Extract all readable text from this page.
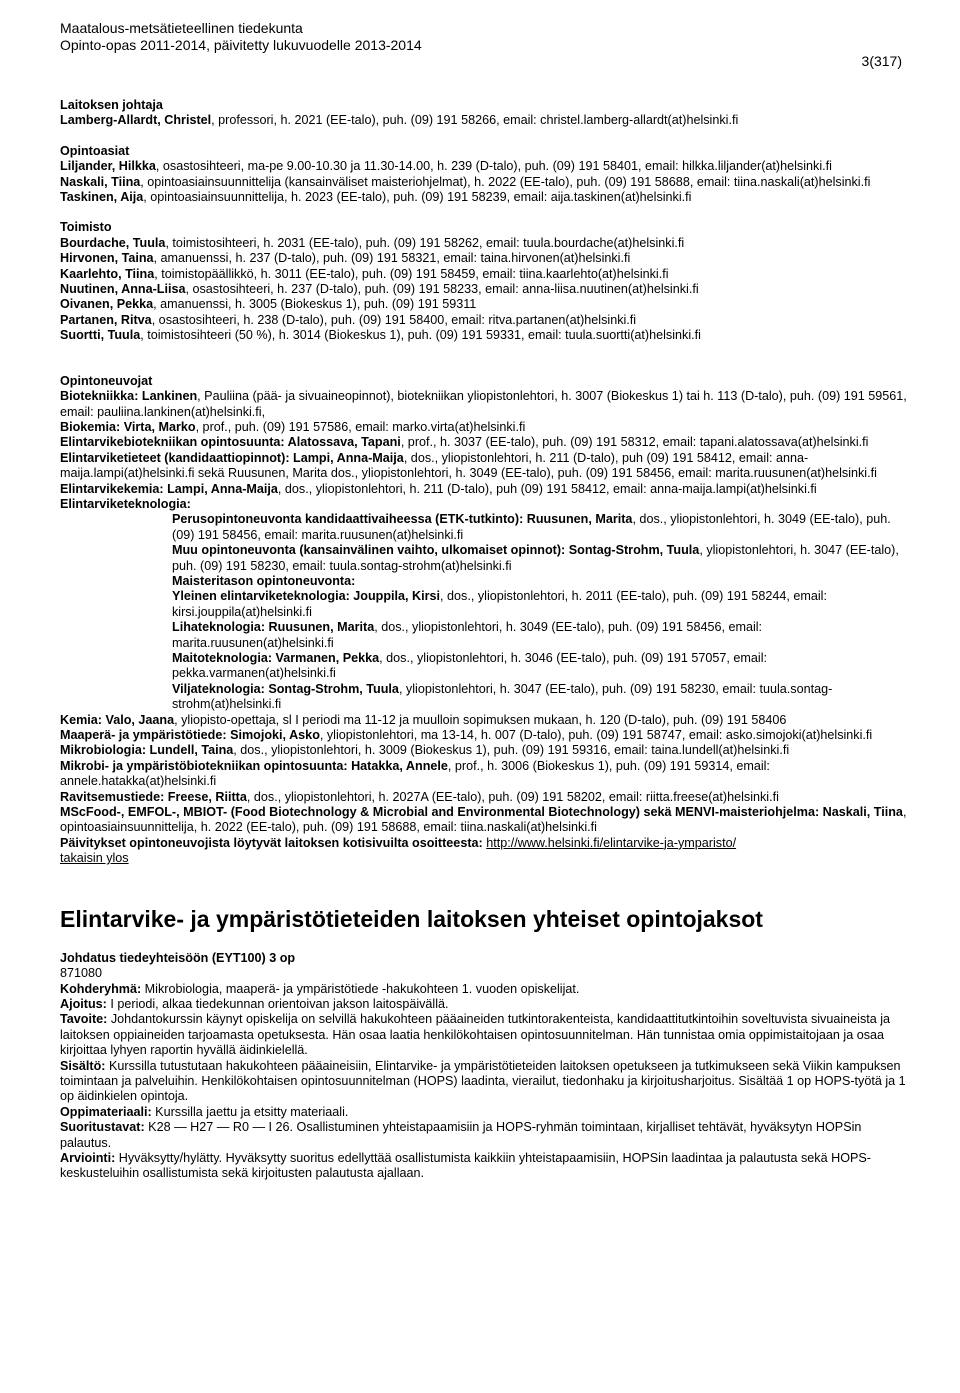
Maatalous-metsätieteellinen tiedekunta
Opinto-opas 2011-2014, päivitetty lukuvuodelle 2013-2014
3(317)

Laitoksen johtaja

Lamberg-Allardt, Christel, professori, h. 2021 (EE-talo), puh. (09) 191 58266, email: christel.lamberg-allardt(at)helsinki.fi

Opintoasiat

Liljander, Hilkka, osastosihteeri, ma-pe 9.00-10.30 ja 11.30-14.00, h. 239 (D-talo), puh. (09) 191 58401, email: hilkka.liljander(at)helsinki.fi

Naskali, Tiina, opintoasiainsuunnittelija (kansainväliset maisteriohjelmat), h. 2022 (EE-talo), puh. (09) 191 58688, email: tiina.naskali(at)helsinki.fi

Taskinen, Aija, opintoasiainsuunnittelija, h. 2023 (EE-talo), puh. (09) 191 58239, email: aija.taskinen(at)helsinki.fi

Toimisto

Bourdache, Tuula, toimistosihteeri, h. 2031 (EE-talo), puh. (09) 191 58262, email: tuula.bourdache(at)helsinki.fi

Hirvonen, Taina, amanuenssi, h. 237 (D-talo), puh. (09) 191 58321, email: taina.hirvonen(at)helsinki.fi

Kaarlehto, Tiina, toimistopäällikkö, h. 3011 (EE-talo), puh. (09) 191 58459, email: tiina.kaarlehto(at)helsinki.fi

Nuutinen, Anna-Liisa, osastosihteeri, h. 237 (D-talo), puh. (09) 191 58233, email: anna-liisa.nuutinen(at)helsinki.fi

Oivanen, Pekka, amanuenssi, h. 3005 (Biokeskus 1), puh. (09) 191 59311

Partanen, Ritva, osastosihteeri, h. 238 (D-talo), puh. (09) 191 58400, email: ritva.partanen(at)helsinki.fi

Suortti, Tuula, toimistosihteeri (50 %), h. 3014 (Biokeskus 1), puh. (09) 191 59331, email: tuula.suortti(at)helsinki.fi

Opintoneuvojat

Biotekniikka: Lankinen, Pauliina (pää- ja sivuaineopinnot), biotekniikan yliopistonlehtori, h. 3007 (Biokeskus 1) tai h. 113 (D-talo), puh. (09) 191 59561, email: pauliina.lankinen(at)helsinki.fi,

Biokemia: Virta, Marko, prof., puh. (09) 191 57586, email: marko.virta(at)helsinki.fi

Elintarvikebiotekniikan opintosuunta: Alatossava, Tapani, prof., h. 3037 (EE-talo), puh. (09) 191 58312, email: tapani.alatossava(at)helsinki.fi

Elintarviketieteet (kandidaattiopinnot): Lampi, Anna-Maija, dos., yliopistonlehtori, h. 211 (D-talo), puh (09) 191 58412, email: anna-maija.lampi(at)helsinki.fi sekä Ruusunen, Marita dos., yliopistonlehtori, h. 3049 (EE-talo), puh. (09) 191 58456, email: marita.ruusunen(at)helsinki.fi

Elintarvikekemia: Lampi, Anna-Maija, dos., yliopistonlehtori, h. 211 (D-talo), puh (09) 191 58412, email: anna-maija.lampi(at)helsinki.fi

Elintarviketeknologia:

Perusopintoneuvonta kandidaattivaiheessa (ETK-tutkinto): Ruusunen, Marita, dos., yliopistonlehtori, h. 3049 (EE-talo), puh. (09) 191 58456, email: marita.ruusunen(at)helsinki.fi

Muu opintoneuvonta (kansainvälinen vaihto, ulkomaiset opinnot): Sontag-Strohm, Tuula, yliopistonlehtori, h. 3047 (EE-talo), puh. (09) 191 58230, email: tuula.sontag-strohm(at)helsinki.fi

Maisteritason opintoneuvonta:

Yleinen elintarviketeknologia: Jouppila, Kirsi, dos., yliopistonlehtori, h. 2011 (EE-talo), puh. (09) 191 58244, email: kirsi.jouppila(at)helsinki.fi

Lihateknologia: Ruusunen, Marita, dos., yliopistonlehtori, h. 3049 (EE-talo), puh. (09) 191 58456, email: marita.ruusunen(at)helsinki.fi

Maitoteknologia: Varmanen, Pekka, dos., yliopistonlehtori, h. 3046 (EE-talo), puh. (09) 191 57057, email: pekka.varmanen(at)helsinki.fi

Viljateknologia: Sontag-Strohm, Tuula, yliopistonlehtori, h. 3047 (EE-talo), puh. (09) 191 58230, email: tuula.sontag-strohm(at)helsinki.fi

Kemia: Valo, Jaana, yliopisto-opettaja, sl I periodi ma 11-12 ja muulloin sopimuksen mukaan, h. 120 (D-talo), puh. (09) 191 58406

Maaperä- ja ympäristötiede: Simojoki, Asko, yliopistonlehtori, ma 13-14, h. 007 (D-talo), puh. (09) 191 58747, email: asko.simojoki(at)helsinki.fi

Mikrobiologia: Lundell, Taina, dos., yliopistonlehtori, h. 3009 (Biokeskus 1), puh. (09) 191 59316, email: taina.lundell(at)helsinki.fi

Mikrobi- ja ympäristöbiotekniikan opintosuunta: Hatakka, Annele, prof., h. 3006 (Biokeskus 1), puh. (09) 191 59314, email: annele.hatakka(at)helsinki.fi

Ravitsemustiede: Freese, Riitta, dos., yliopistonlehtori, h. 2027A (EE-talo), puh. (09) 191 58202, email: riitta.freese(at)helsinki.fi

MScFood-, EMFOL-, MBIOT- (Food Biotechnology & Microbial and Environmental Biotechnology) sekä MENVI-maisteriohjelma: Naskali, Tiina, opintoasiainsuunnittelija, h. 2022 (EE-talo), puh. (09) 191 58688, email: tiina.naskali(at)helsinki.fi

Päivitykset opintoneuvojista löytyvät laitoksen kotisivuilta osoitteesta: http://www.helsinki.fi/elintarvike-ja-ymparisto/

takaisin ylos

Elintarvike- ja ympäristötieteiden laitoksen yhteiset opintojaksot

Johdatus tiedeyhteisöön (EYT100) 3 op

871080

Kohderyhmä: Mikrobiologia, maaperä- ja ympäristötiede -hakukohteen 1. vuoden opiskelijat.

Ajoitus: I periodi, alkaa tiedekunnan orientoivan jakson laitospäivällä.

Tavoite: Johdantokurssin käynyt opiskelija on selvillä hakukohteen pääaineiden tutkintorakenteista, kandidaattitutkintoihin soveltuvista sivuaineista ja laitoksen oppiaineiden tarjoamasta opetuksesta. Hän osaa laatia henkilökohtaisen opintosuunnitelman. Hän tunnistaa omia oppimistaitojaan ja osaa kirjoittaa lyhyen raportin hyvällä äidinkielellä.

Sisältö: Kurssilla tutustutaan hakukohteen pääaineisiin, Elintarvike- ja ympäristötieteiden laitoksen opetukseen ja tutkimukseen sekä Viikin kampuksen toimintaan ja palveluihin. Henkilökohtaisen opintosuunnitelman (HOPS) laadinta, vierailut, tiedonhaku ja kirjoitusharjoitus. Sisältää 1 op HOPS-työtä ja 1 op äidinkielen opintoja.

Oppimateriaali: Kurssilla jaettu ja etsitty materiaali.

Suoritustavat: K28 — H27 — R0 — I 26. Osallistuminen yhteistapaamisiin ja HOPS-ryhmän toimintaan, kirjalliset tehtävät, hyväksytyn HOPSin palautus.

Arviointi: Hyväksytty/hylätty. Hyväksytty suoritus edellyttää osallistumista kaikkiin yhteistapaamisiin, HOPSin laadintaa ja palautusta sekä HOPS-keskusteluihin osallistumista sekä kirjoitusten palautusta ajallaan.
